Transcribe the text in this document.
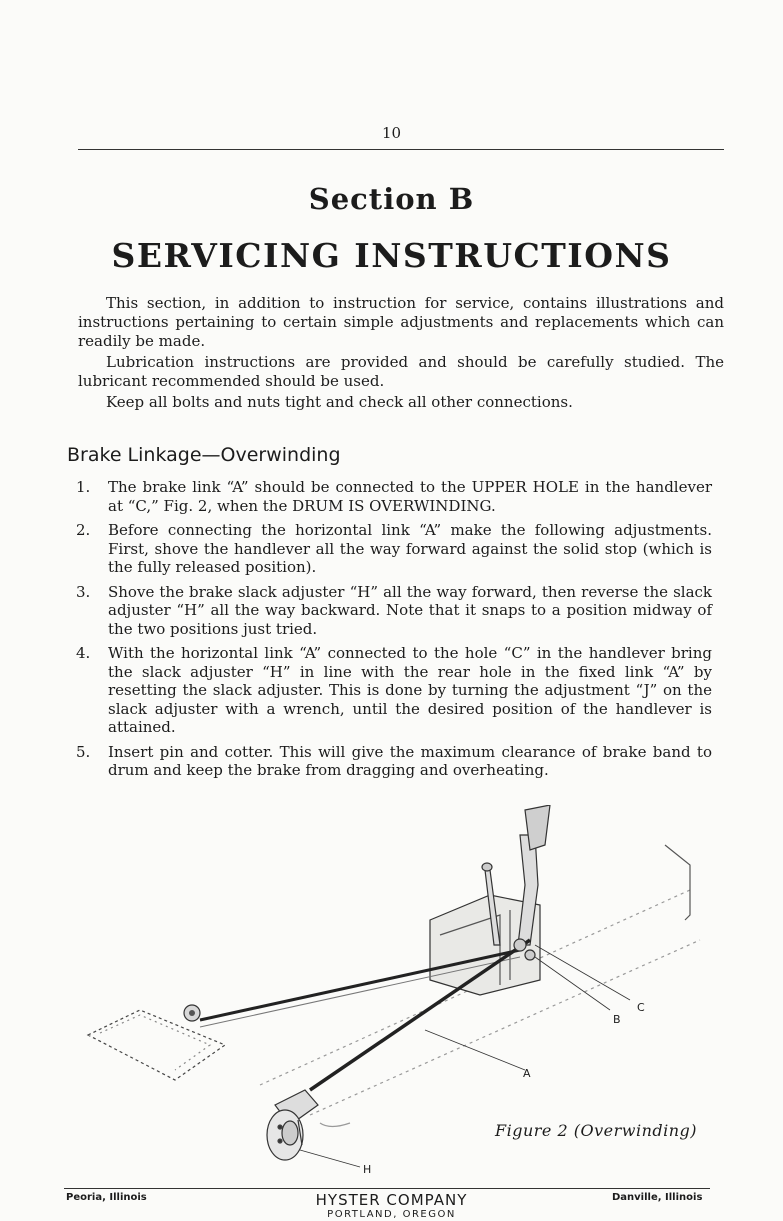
10
Section B
SERVICING INSTRUCTIONS

This section, in addition to instruction for service, contains illustrations and instructions pertaining to certain simple adjustments and replacements which can readily be made.

Lubrication instructions are provided and should be carefully studied. The lubricant recommended should be used.

Keep all bolts and nuts tight and check all other connections.

Brake Linkage—Overwinding
1.	The brake link “A” should be connected to the UPPER HOLE in the handlever at “C,” Fig. 2, when the DRUM IS OVERWINDING.
2.	Before connecting the horizontal link “A” make the following adjustments. First, shove the handlever all the way forward against the solid stop (which is the fully released position).
3.	Shove the brake slack adjuster “H” all the way forward, then reverse the slack adjuster “H” all the way backward. Note that it snaps to a position midway of the two positions just tried.
4.	With the horizontal link “A” connected to the hole “C” in the handlever bring the slack adjuster “H” in line with the rear hole in the fixed link “A” by resetting the slack adjuster. This is done by turning the adjustment “J” on the slack adjuster with a wrench, until the desired position of the handlever is attained.
5.	Insert pin and cotter. This will give the maximum clearance of brake band to drum and keep the brake from dragging and overheating.
C
B
A
H
Figure 2 (Overwinding)
Peoria, Illinois	HYSTER COMPANY
PORTLAND, OREGON
Danville, Illinois
